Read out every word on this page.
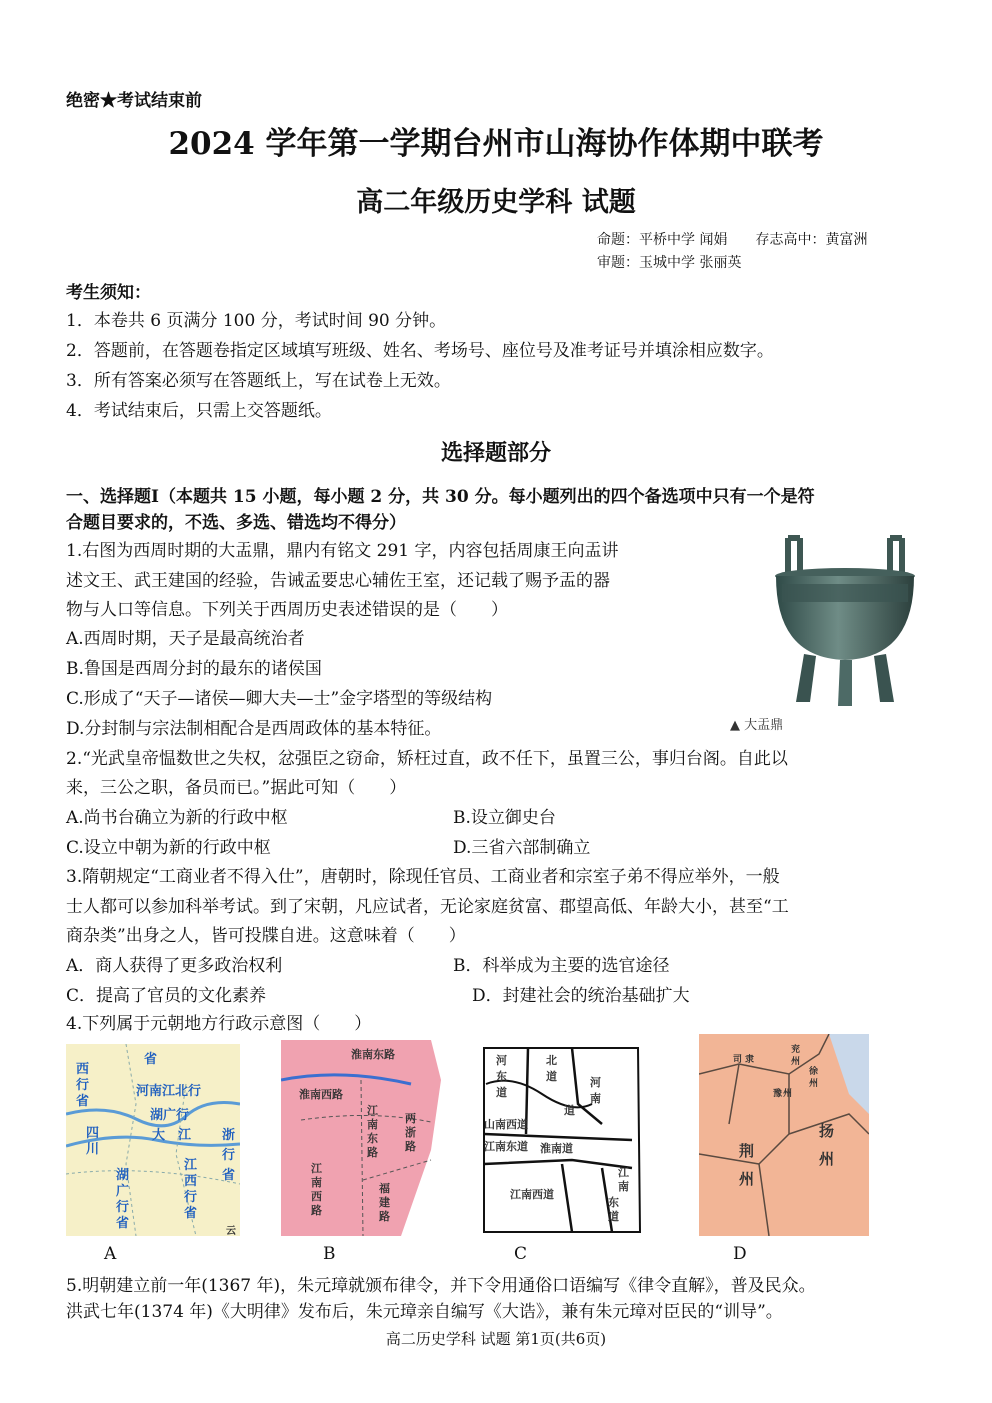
绝密★考试结束前
2024 学年第一学期台州市山海协作体期中联考
高二年级历史学科 试题
命题：平桥中学 闻娟　　存志高中：黄富洲
审题：玉城中学 张丽英
考生须知：
1．本卷共 6 页满分 100 分，考试时间 90 分钟。
2．答题前，在答题卷指定区域填写班级、姓名、考场号、座位号及准考证号并填涂相应数字。
3．所有答案必须写在答题纸上，写在试卷上无效。
4．考试结束后，只需上交答题纸。
选择题部分
一、选择题Ⅰ（本题共 15 小题，每小题 2 分，共 30 分。每小题列出的四个备选项中只有一个是符
合题目要求的，不选、多选、错选均不得分）
1.右图为西周时期的大盂鼎，鼎内有铭文 291 字，内容包括周康王向盂讲
述文王、武王建国的经验，告诫孟要忠心辅佐王室，还记载了赐予盂的器
物与人口等信息。下列关于西周历史表述错误的是（　　）
A.西周时期，天子是最高统治者
B.鲁国是西周分封的最东的诸侯国
C.形成了“天子—诸侯—卿大夫—士”金字塔型的等级结构
D.分封制与宗法制相配合是西周政体的基本特征。	▲ 大盂鼎
2.“光武皇帝愠数世之失权，忿强臣之窃命，矫枉过直，政不任下，虽置三公，事归台阁。自此以
来，三公之职，备员而已。”据此可知（　　）
A.尚书台确立为新的行政中枢	B.设立御史台
C.设立中朝为新的行政中枢	D.三省六部制确立
3.隋朝规定“工商业者不得入仕”，唐朝时，除现任官员、工商业者和宗室子弟不得应举外，一般
士人都可以参加科举考试。到了宋朝，凡应试者，无论家庭贫富、郡望高低、年龄大小，甚至“工
商杂类”出身之人，皆可投牒自进。这意味着（　　）
A．商人获得了更多政治权利	B．科举成为主要的选官途径
C．提高了官员的文化素养	D．封建社会的统治基础扩大
4.下列属于元朝地方行政示意图（　　）
省
西
行
省
河南江北行
四
川
湖广行
大 江 浙
行
省
湖
广
行
省
江
西
行
省
云
A
淮南东路
淮南西路
江
南
东
路
两
浙
路
江
南
西
路
福
建
路
B
河
东
道
北
道	河
南
道
山南西道
淮南道
江南东道
江南西道
江
南
东
道
C
司 隶
兖
州
徐
州
豫 州
荆
州
扬
州
D
5.明朝建立前一年(1367 年)，朱元璋就颁布律令，并下令用通俗口语编写《律令直解》，普及民众。
洪武七年(1374 年)《大明律》发布后，朱元璋亲自编写《大诰》，兼有朱元璋对臣民的“训导”。
高二历史学科 试题 第1页(共6页)
